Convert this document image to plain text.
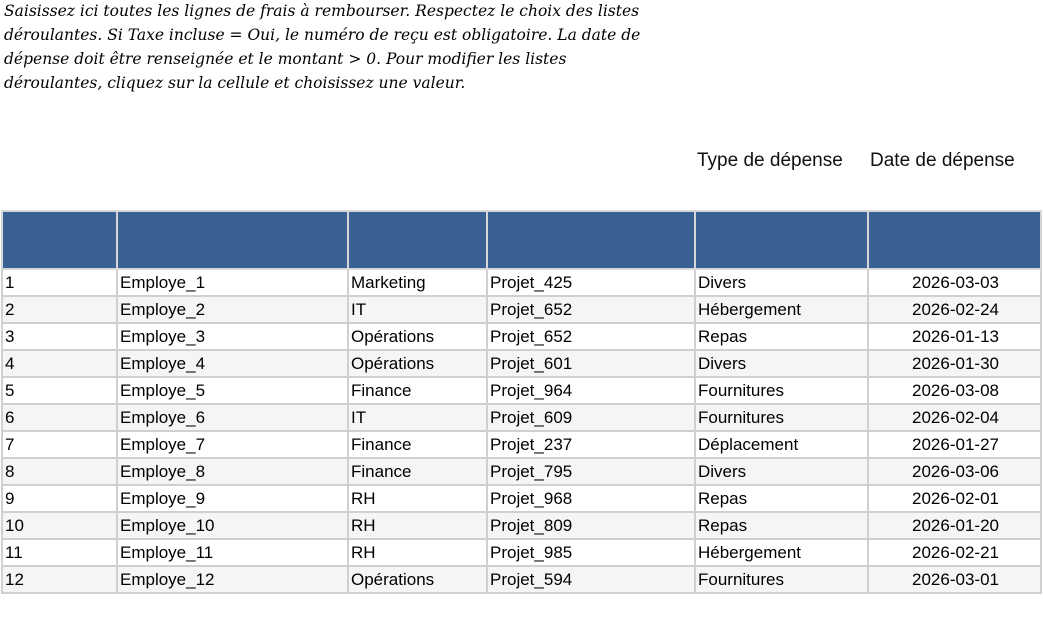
Saisissez ici toutes les lignes de frais à rembourser. Respectez le choix des listes
déroulantes. Si Taxe incluse = Oui, le numéro de reçu est obligatoire. La date de
dépense doit être renseignée et le montant > 0. Pour modifier les listes
déroulantes, cliquez sur la cellule et choisissez une valeur.
Type de dépense Date de dépense

1	Employe_1	Marketing	Projet_425	Divers	2026-03-03
2	Employe_2	IT	Projet_652	Hébergement	2026-02-24
3	Employe_3	Opérations	Projet_652	Repas	2026-01-13
4	Employe_4	Opérations	Projet_601	Divers	2026-01-30
5	Employe_5	Finance	Projet_964	Fournitures	2026-03-08
6	Employe_6	IT	Projet_609	Fournitures	2026-02-04
7	Employe_7	Finance	Projet_237	Déplacement	2026-01-27
8	Employe_8	Finance	Projet_795	Divers	2026-03-06
9	Employe_9	RH	Projet_968	Repas	2026-02-01
10	Employe_10	RH	Projet_809	Repas	2026-01-20
11	Employe_11	RH	Projet_985	Hébergement	2026-02-21
12	Employe_12	Opérations	Projet_594	Fournitures	2026-03-01
